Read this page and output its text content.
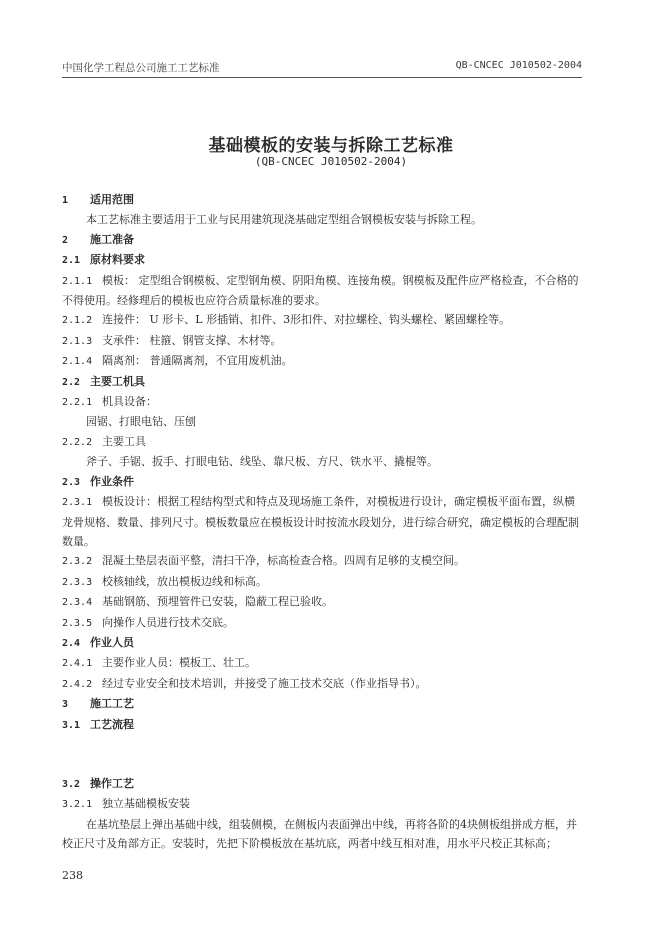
中国化学工程总公司施工工艺标准	QB-CNCEC J010502-2004
基础模板的安装与拆除工艺标准
(QB-CNCEC J010502-2004)

1 适用范围

本工艺标准主要适用于工业与民用建筑现浇基础定型组合钢模板安装与拆除工程。

2 施工准备

2.1 原材料要求

2.1.1 模板： 定型组合钢模板、定型钢角模、阴阳角模、连接角模。钢模板及配件应严格检查，不合格的不得使用。经修理后的模板也应符合质量标准的要求。

2.1.2 连接件： U 形卡、L 形插销、扣件、3形扣件、对拉螺栓、钩头螺栓、紧固螺栓等。

2.1.3 支承件： 柱箍、钢管支撑、木材等。

2.1.4 隔离剂： 普通隔离剂，不宜用废机油。

2.2 主要工机具

2.2.1 机具设备：

园锯、打眼电钻、压刨

2.2.2 主要工具

斧子、手锯、扳手、打眼电钻、线坠、靠尺板、方尺、铁水平、撬棍等。

2.3 作业条件

2.3.1 模板设计：根据工程结构型式和特点及现场施工条件，对模板进行设计，确定模板平面布置，纵横龙骨规格、数量、排列尺寸。模板数量应在模板设计时按流水段划分，进行综合研究，确定模板的合理配制数量。

2.3.2 混凝土垫层表面平整，清扫干净，标高检查合格。四周有足够的支模空间。

2.3.3 校核轴线，放出模板边线和标高。

2.3.4 基础钢筋、预埋管件已安装，隐蔽工程已验收。

2.3.5 向操作人员进行技术交底。

2.4 作业人员

2.4.1 主要作业人员：模板工、壮工。

2.4.2 经过专业安全和技术培训，并接受了施工技术交底（作业指导书）。

3 施工工艺

3.1 工艺流程

3.2 操作工艺

3.2.1 独立基础模板安装

在基坑垫层上弹出基础中线，组装侧模，在侧板内表面弹出中线，再将各阶的4块侧板组拼成方框，并校正尺寸及角部方正。安装时，先把下阶模板放在基坑底，两者中线互相对准，用水平尺校正其标高；

238
